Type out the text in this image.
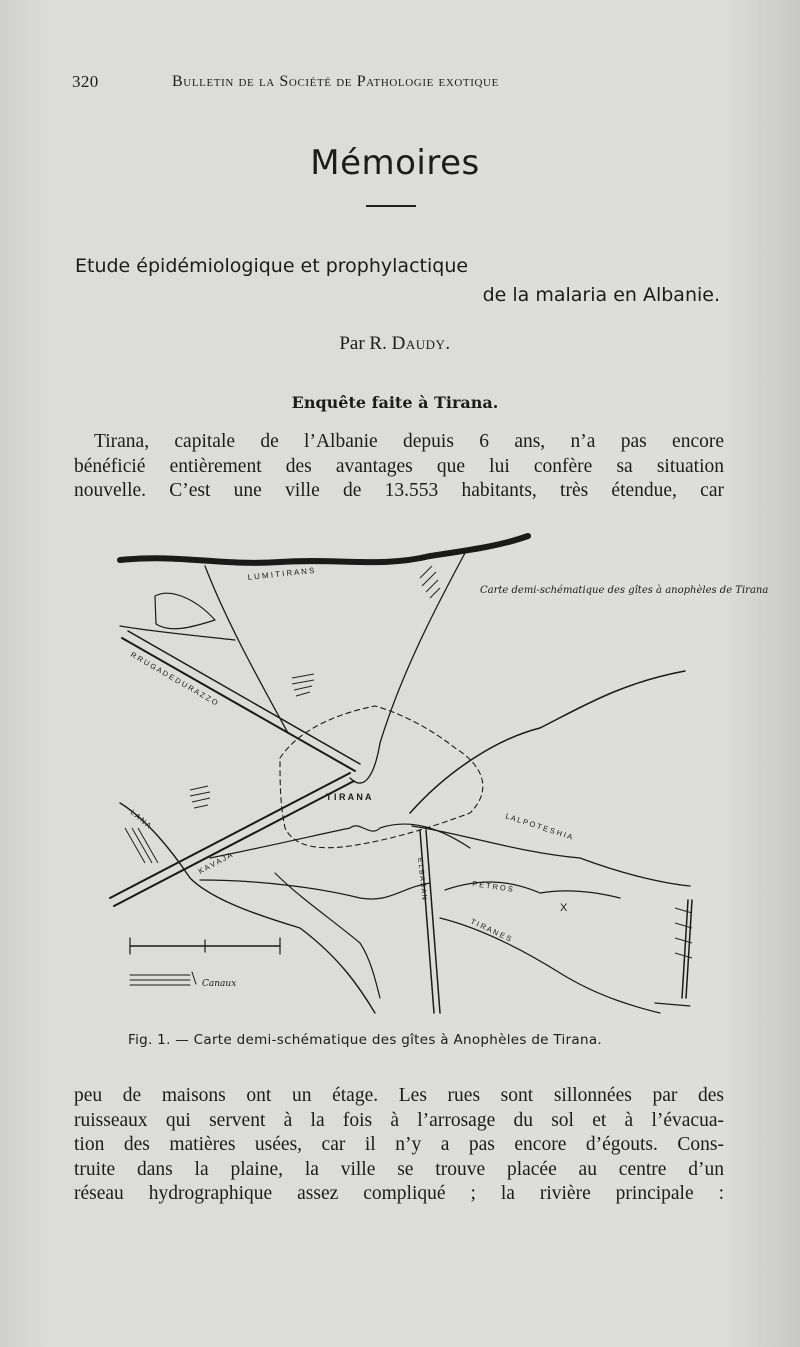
320	Bulletin de la Société de Pathologie exotique
Mémoires
Etude épidémiologique et prophylactique
de la malaria en Albanie.
Par R. Daudy.
Enquête faite à Tirana.
Tirana, capitale de l’Albanie depuis 6 ans, n’a pas encore
bénéficié entièrement des avantages que lui confère sa situation
nouvelle. C’est une ville de 13.553 habitants, très étendue, car
L U M I T I R A N S
T I R A N A
R R U G A D E D U R A Z Z O
K A V A J A
L A N A	L A L P O T E S H I A
T I R A N E S
P E T R O S
E L B A S A N
X
Carte demi-schématique des gîtes à anophèles de Tirana
Canaux
Fig. 1. — Carte demi-schématique des gîtes à Anophèles de Tirana.
peu de maisons ont un étage. Les rues sont sillonnées par des
ruisseaux qui servent à la fois à l’arrosage du sol et à l’évacua-
tion des matières usées, car il n’y a pas encore d’égouts. Cons-
truite dans la plaine, la ville se trouve placée au centre d’un
réseau hydrographique assez compliqué ; la rivière principale :
